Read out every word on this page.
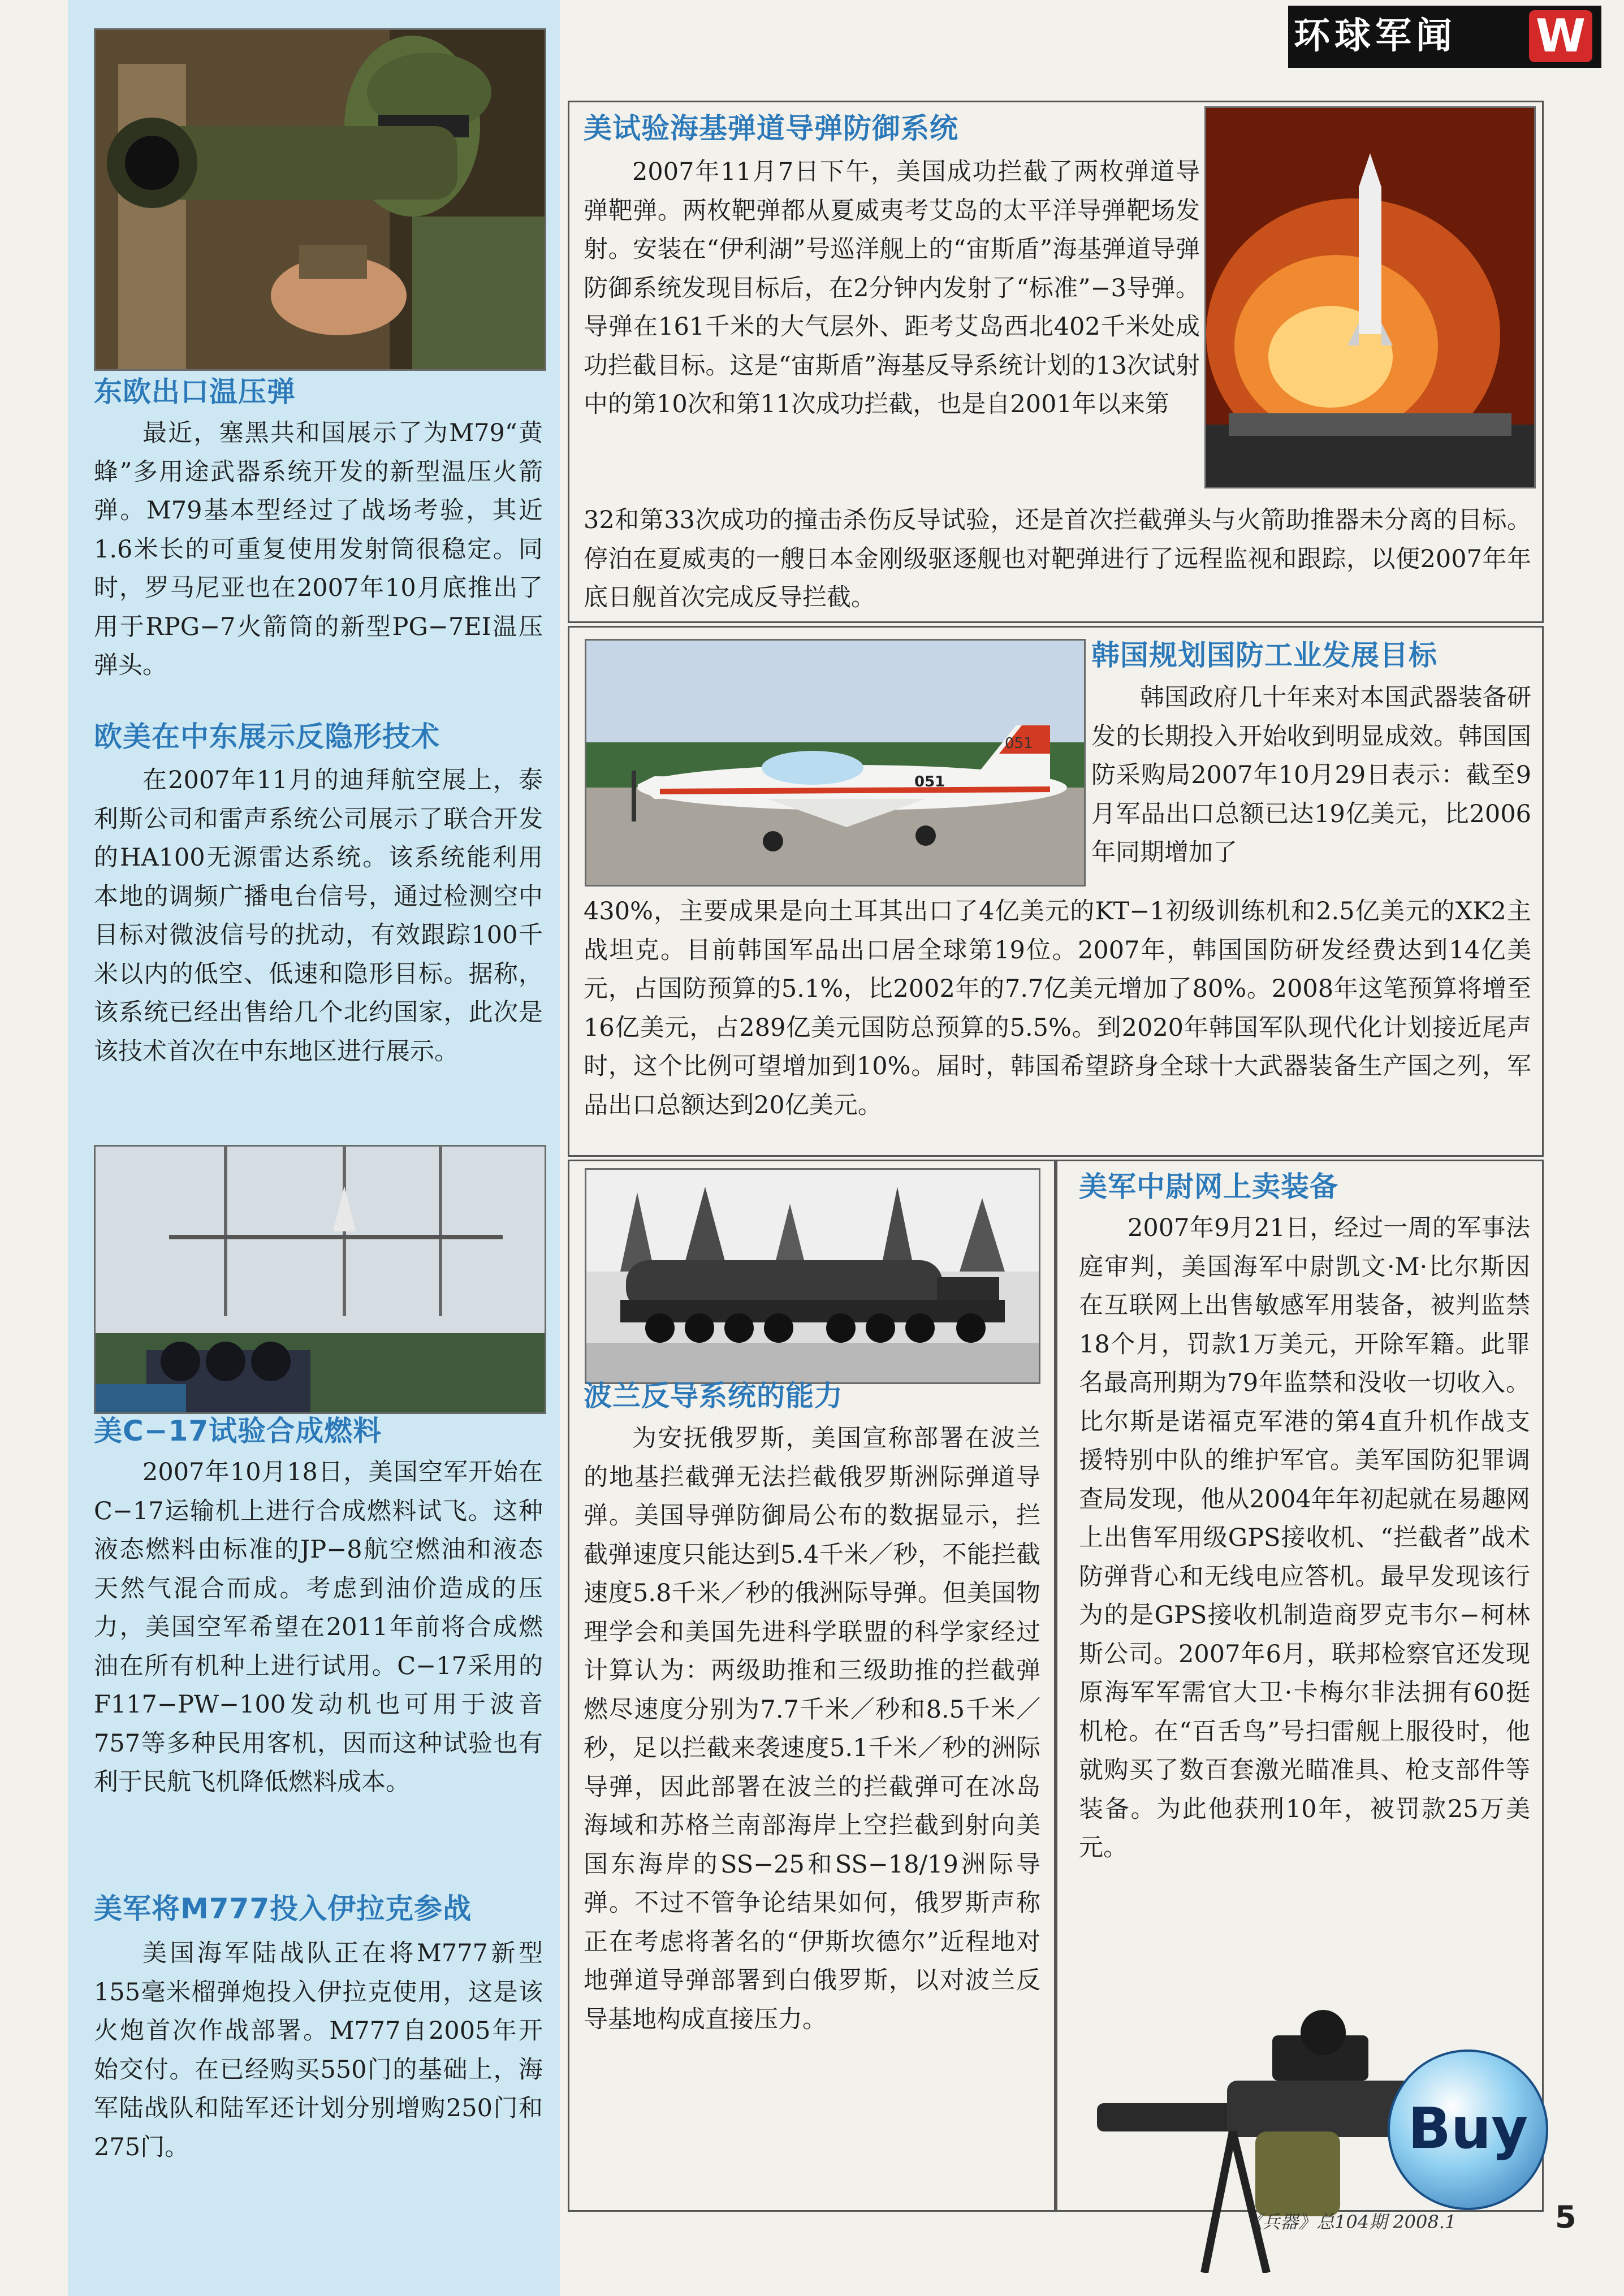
环球军闻 W
东欧出口温压弹

最近，塞黑共和国展示了为M79“黄蜂”多用途武器系统开发的新型温压火箭弹。M79基本型经过了战场考验，其近1.6米长的可重复使用发射筒很稳定。同时，罗马尼亚也在2007年10月底推出了用于RPG−7火箭筒的新型PG−7EI温压弹头。

欧美在中东展示反隐形技术

在2007年11月的迪拜航空展上，泰利斯公司和雷声系统公司展示了联合开发的HA100无源雷达系统。该系统能利用本地的调频广播电台信号，通过检测空中目标对微波信号的扰动，有效跟踪100千米以内的低空、低速和隐形目标。据称，该系统已经出售给几个北约国家，此次是该技术首次在中东地区进行展示。

美C−17试验合成燃料

2007年10月18日，美国空军开始在C−17运输机上进行合成燃料试飞。这种液态燃料由标准的JP−8航空燃油和液态天然气混合而成。考虑到油价造成的压力，美国空军希望在2011年前将合成燃油在所有机种上进行试用。C−17采用的F117−PW−100发动机也可用于波音757等多种民用客机，因而这种试验也有利于民航飞机降低燃料成本。

美军将M777投入伊拉克参战

美国海军陆战队正在将M777新型155毫米榴弹炮投入伊拉克使用，这是该火炮首次作战部署。M777自2005年开始交付。在已经购买550门的基础上，海军陆战队和陆军还计划分别增购250门和275门。

美试验海基弹道导弹防御系统

2007年11月7日下午，美国成功拦截了两枚弹道导弹靶弹。两枚靶弹都从夏威夷考艾岛的太平洋导弹靶场发射。安装在“伊利湖”号巡洋舰上的“宙斯盾”海基弹道导弹防御系统发现目标后，在2分钟内发射了“标准”−3导弹。导弹在161千米的大气层外、距考艾岛西北402千米处成功拦截目标。这是“宙斯盾”海基反导系统计划的13次试射中的第10次和第11次成功拦截，也是自2001年以来第

32和第33次成功的撞击杀伤反导试验，还是首次拦截弹头与火箭助推器未分离的目标。停泊在夏威夷的一艘日本金刚级驱逐舰也对靶弹进行了远程监视和跟踪，以便2007年年底日舰首次完成反导拦截。

051
051
韩国规划国防工业发展目标

韩国政府几十年来对本国武器装备研发的长期投入开始收到明显成效。韩国国防采购局2007年10月29日表示：截至9月军品出口总额已达19亿美元，比2006年同期增加了

430%，主要成果是向土耳其出口了4亿美元的KT−1初级训练机和2.5亿美元的XK2主战坦克。目前韩国军品出口居全球第19位。2007年，韩国国防研发经费达到14亿美元，占国防预算的5.1%，比2002年的7.7亿美元增加了80%。2008年这笔预算将增至16亿美元，占289亿美元国防总预算的5.5%。到2020年韩国军队现代化计划接近尾声时，这个比例可望增加到10%。届时，韩国希望跻身全球十大武器装备生产国之列，军品出口总额达到20亿美元。

波兰反导系统的能力

为安抚俄罗斯，美国宣称部署在波兰的地基拦截弹无法拦截俄罗斯洲际弹道导弹。美国导弹防御局公布的数据显示，拦截弹速度只能达到5.4千米／秒，不能拦截速度5.8千米／秒的俄洲际导弹。但美国物理学会和美国先进科学联盟的科学家经过计算认为：两级助推和三级助推的拦截弹燃尽速度分别为7.7千米／秒和8.5千米／秒，足以拦截来袭速度5.1千米／秒的洲际导弹，因此部署在波兰的拦截弹可在冰岛海域和苏格兰南部海岸上空拦截到射向美国东海岸的SS−25和SS−18/19洲际导弹。不过不管争论结果如何，俄罗斯声称正在考虑将著名的“伊斯坎德尔”近程地对地弹道导弹部署到白俄罗斯，以对波兰反导基地构成直接压力。

美军中尉网上卖装备

2007年9月21日，经过一周的军事法庭审判，美国海军中尉凯文·M·比尔斯因在互联网上出售敏感军用装备，被判监禁18个月，罚款1万美元，开除军籍。此罪名最高刑期为79年监禁和没收一切收入。比尔斯是诺福克军港的第4直升机作战支援特别中队的维护军官。美军国防犯罪调查局发现，他从2004年年初起就在易趣网上出售军用级GPS接收机、“拦截者”战术防弹背心和无线电应答机。最早发现该行为的是GPS接收机制造商罗克韦尔−柯林斯公司。2007年6月，联邦检察官还发现原海军军需官大卫·卡梅尔非法拥有60挺机枪。在“百舌鸟”号扫雷舰上服役时，他就购买了数百套激光瞄准具、枪支部件等装备。为此他获刑10年，被罚款25万美元。

Buy
《兵器》总104期 2008.1	5
